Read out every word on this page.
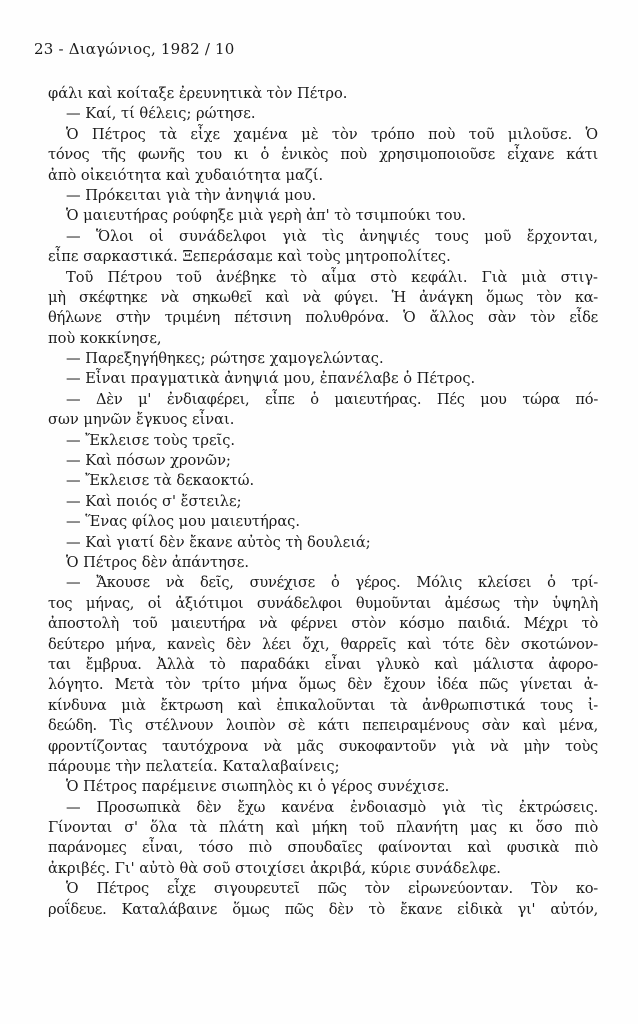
23 - Διαγώνιος, 1982 / 10
φάλι καὶ κοίταξε ἐρευνητικὰ τὸν Πέτρο.
— Καί, τί θέλεις; ρώτησε.
Ὁ Πέτρος τὰ εἶχε χαμένα μὲ τὸν τρόπο ποὺ τοῦ μιλοῦσε. Ὁ
τόνος τῆς φωνῆς του κι ὁ ἑνικὸς ποὺ χρησιμοποιοῦσε εἶχανε κάτι
ἀπὸ οἰκειότητα καὶ χυδαιότητα μαζί.
— Πρόκειται γιὰ τὴν ἀνηψιά μου.
Ὁ μαιευτήρας ρούφηξε μιὰ γερὴ ἀπ' τὸ τσιμπούκι του.
— Ὅλοι οἱ συνάδελφοι γιὰ τὶς ἀνηψιές τους μοῦ ἔρχονται,
εἶπε σαρκαστικά. Ξεπεράσαμε καὶ τοὺς μητροπολίτες.
Τοῦ Πέτρου τοῦ ἀνέβηκε τὸ αἷμα στὸ κεφάλι. Γιὰ μιὰ στιγ-
μὴ σκέφτηκε νὰ σηκωθεῖ καὶ νὰ φύγει. Ἡ ἀνάγκη ὅμως τὸν κα-
θήλωνε στὴν τριμένη πέτσινη πολυθρόνα. Ὁ ἄλλος σὰν τὸν εἶδε
ποὺ κοκκίνησε,
— Παρεξηγήθηκες; ρώτησε χαμογελώντας.
— Εἶναι πραγματικὰ ἀνηψιά μου, ἐπανέλαβε ὁ Πέτρος.
— Δὲν μ' ἐνδιαφέρει, εἶπε ὁ μαιευτήρας. Πές μου τώρα πό-
σων μηνῶν ἔγκυος εἶναι.
— Ἔκλεισε τοὺς τρεῖς.
— Καὶ πόσων χρονῶν;
— Ἔκλεισε τὰ δεκαοκτώ.
— Καὶ ποιός σ' ἔστειλε;
— Ἕνας φίλος μου μαιευτήρας.
— Καὶ γιατί δὲν ἔκανε αὐτὸς τὴ δουλειά;
Ὁ Πέτρος δὲν ἀπάντησε.
— Ἄκουσε νὰ δεῖς, συνέχισε ὁ γέρος. Μόλις κλείσει ὁ τρί-
τος μήνας, οἱ ἀξιότιμοι συνάδελφοι θυμοῦνται ἀμέσως τὴν ὑψηλὴ
ἀποστολὴ τοῦ μαιευτήρα νὰ φέρνει στὸν κόσμο παιδιά. Μέχρι τὸ
δεύτερο μήνα, κανεὶς δὲν λέει ὄχι, θαρρεῖς καὶ τότε δὲν σκοτώνον-
ται ἔμβρυα. Ἀλλὰ τὸ παραδάκι εἶναι γλυκὸ καὶ μάλιστα ἀφορο-
λόγητο. Μετὰ τὸν τρίτο μήνα ὅμως δὲν ἔχουν ἰδέα πῶς γίνεται ἀ-
κίνδυνα μιὰ ἔκτρωση καὶ ἐπικαλοῦνται τὰ ἀνθρωπιστικά τους ἰ-
δεώδη. Τὶς στέλνουν λοιπὸν σὲ κάτι πεπειραμένους σὰν καὶ μένα,
φροντίζοντας ταυτόχρονα νὰ μᾶς συκοφαντοῦν γιὰ νὰ μὴν τοὺς
πάρουμε τὴν πελατεία. Καταλαβαίνεις;
Ὁ Πέτρος παρέμεινε σιωπηλὸς κι ὁ γέρος συνέχισε.
— Προσωπικὰ δὲν ἔχω κανένα ἐνδοιασμὸ γιὰ τὶς ἐκτρώσεις.
Γίνονται σ' ὅλα τὰ πλάτη καὶ μήκη τοῦ πλανήτη μας κι ὅσο πιὸ
παράνομες εἶναι, τόσο πιὸ σπουδαῖες φαίνονται καὶ φυσικὰ πιὸ
ἀκριβές. Γι' αὐτὸ θὰ σοῦ στοιχίσει ἀκριβά, κύριε συνάδελφε.
Ὁ Πέτρος εἶχε σιγουρευτεῖ πῶς τὸν εἰρωνεύονταν. Τὸν κο-
ροΐδευε. Καταλάβαινε ὅμως πῶς δὲν τὸ ἔκανε εἰδικὰ γι' αὐτόν,
